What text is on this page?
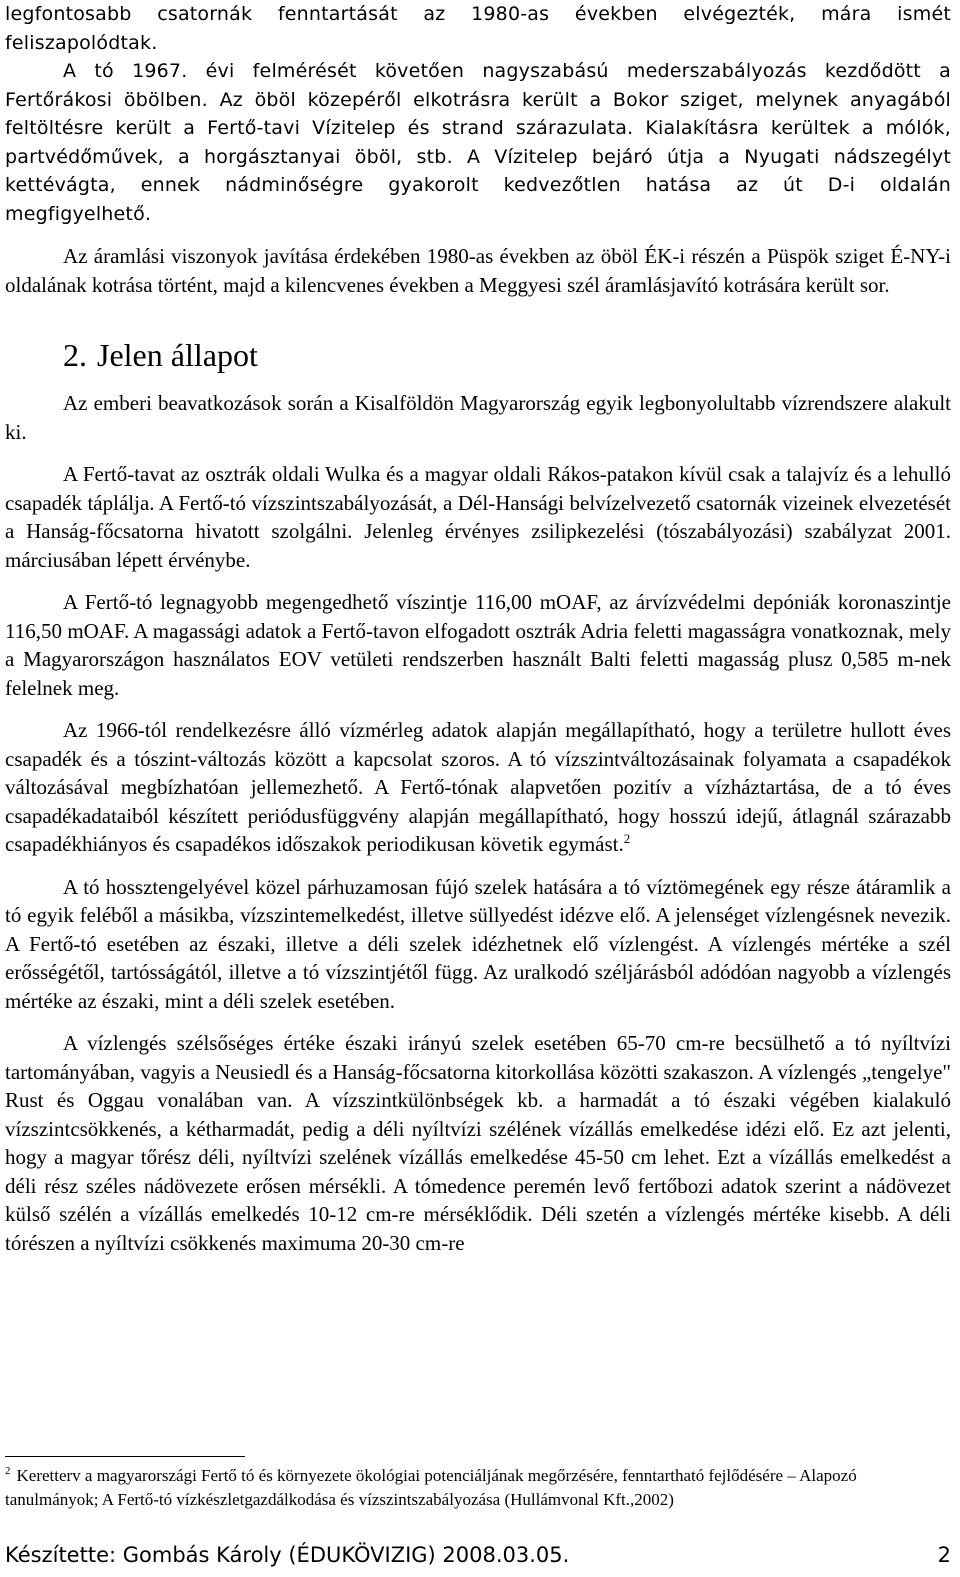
legfontosabb csatornák fenntartását az 1980-as években elvégezték, mára ismét feliszapolódtak.

A tó 1967. évi felmérését követően nagyszabású mederszabályozás kezdődött a Fertőrákosi öbölben. Az öböl közepéről elkotrásra került a Bokor sziget, melynek anyagából feltöltésre került a Fertő-tavi Vízitelep és strand szárazulata. Kialakításra kerültek a mólók, partvédőművek, a horgásztanyai öböl, stb. A Vízitelep bejáró útja a Nyugati nádszegélyt kettévágta, ennek nádminőségre gyakorolt kedvezőtlen hatása az út D-i oldalán megfigyelhető.

Az áramlási viszonyok javítása érdekében 1980-as években az öböl ÉK-i részén a Püspök sziget É-NY-i oldalának kotrása történt, majd a kilencvenes években a Meggyesi szél áramlásjavító kotrására került sor.

2. Jelen állapot

Az emberi beavatkozások során a Kisalföldön Magyarország egyik legbonyolultabb vízrendszere alakult ki.

A Fertő-tavat az osztrák oldali Wulka és a magyar oldali Rákos-patakon kívül csak a talajvíz és a lehulló csapadék táplálja. A Fertő-tó vízszintszabályozását, a Dél-Hansági belvízelvezető csatornák vizeinek elvezetését a Hanság-főcsatorna hivatott szolgálni. Jelenleg érvényes zsilipkezelési (tószabályozási) szabályzat 2001. márciusában lépett érvénybe.

A Fertő-tó legnagyobb megengedhető víszintje 116,00 mOAF, az árvízvédelmi depóniák koronaszintje 116,50 mOAF. A magassági adatok a Fertő-tavon elfogadott osztrák Adria feletti magasságra vonatkoznak, mely a Magyarországon használatos EOV vetületi rendszerben használt Balti feletti magasság plusz 0,585 m-nek felelnek meg.

Az 1966-tól rendelkezésre álló vízmérleg adatok alapján megállapítható, hogy a területre hullott éves csapadék és a tószint-változás között a kapcsolat szoros. A tó vízszintváltozásainak folyamata a csapadékok változásával megbízhatóan jellemezhető. A Fertő-tónak alapvetően pozitív a vízháztartása, de a tó éves csapadékadataiból készített periódusfüggvény alapján megállapítható, hogy hosszú idejű, átlagnál szárazabb csapadékhiányos és csapadékos időszakok periodikusan követik egymást.$^2$

A tó hossztengelyével közel párhuzamosan fújó szelek hatására a tó víztömegének egy része átáramlik a tó egyik feléből a másikba, vízszintemelkedést, illetve süllyedést idézve elő. A jelenséget vízlengésnek nevezik. A Fertő-tó esetében az északi, illetve a déli szelek idézhetnek elő vízlengést. A vízlengés mértéke a szél erősségétől, tartósságától, illetve a tó vízszintjétől függ. Az uralkodó széljárásból adódóan nagyobb a vízlengés mértéke az északi, mint a déli szelek esetében.

A vízlengés szélsőséges értéke északi irányú szelek esetében 65-70 cm-re becsülhető a tó nyíltvízi tartományában, vagyis a Neusiedl és a Hanság-főcsatorna kitorkollása közötti szakaszon. A vízlengés „tengelye" Rust és Oggau vonalában van. A vízszintkülönbségek kb. a harmadát a tó északi végében kialakuló vízszintcsökkenés, a kétharmadát, pedig a déli nyíltvízi szélének vízállás emelkedése idézi elő. Ez azt jelenti, hogy a magyar tőrész déli, nyíltvízi szelének vízállás emelkedése 45-50 cm lehet. Ezt a vízállás emelkedést a déli rész széles nádövezete erősen mérsékli. A tómedence peremén levő fertőbozi adatok szerint a nádövezet külső szélén a vízállás emelkedés 10-12 cm-re mérséklődik. Déli szetén a vízlengés mértéke kisebb. A déli tórészen a nyíltvízi csökkenés maximuma 20-30 cm-re

$^2$ Keretterv a magyarországi Fertő tó és környezete ökológiai potenciáljának megőrzésére, fenntartható fejlődésére – Alapozó tanulmányok; A Fertő-tó vízkészletgazdálkodása és vízszintszabályozása (Hullámvonal Kft.,2002)

Készítette: Gombás Károly (ÉDUKÖVIZIG) 2008.03.05.	2
